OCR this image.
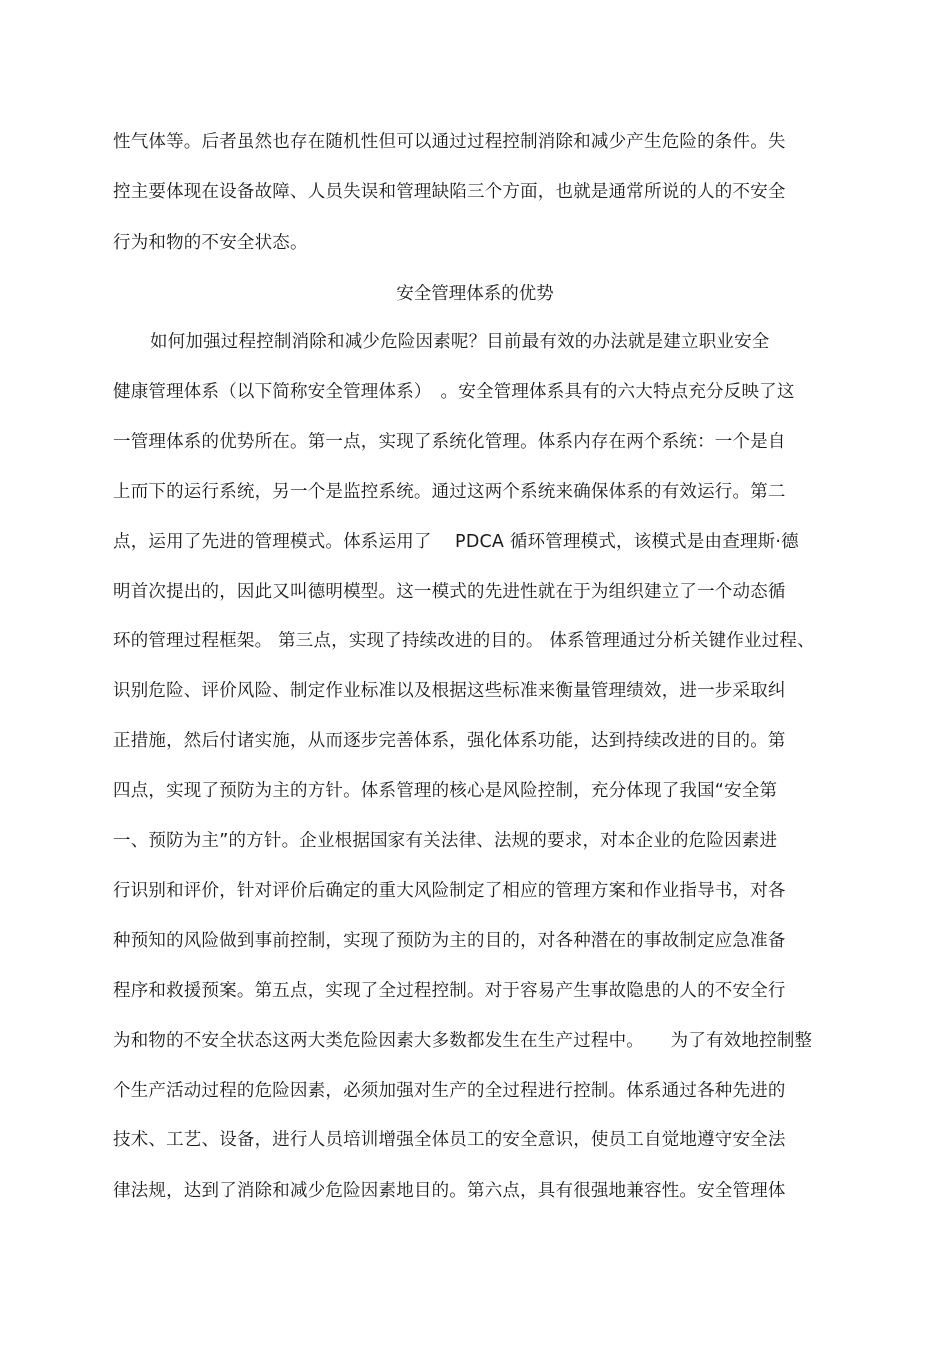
性气体等。后者虽然也存在随机性但可以通过过程控制消除和减少产生危险的条件。失
控主要体现在设备故障、人员失误和管理缺陷三个方面，也就是通常所说的人的不安全
行为和物的不安全状态。
安全管理体系的优势
如何加强过程控制消除和减少危险因素呢？目前最有效的办法就是建立职业安全
健康管理体系（以下简称安全管理体系）　。安全管理体系具有的六大特点充分反映了这
一管理体系的优势所在。第一点，实现了系统化管理。体系内存在两个系统：一个是自
上而下的运行系统，另一个是监控系统。通过这两个系统来确保体系的有效运行。第二
点，运用了先进的管理模式。体系运用了　 PDCA 循环管理模式，该模式是由查理斯·德
明首次提出的，因此又叫德明模型。这一模式的先进性就在于为组织建立了一个动态循
环的管理过程框架。 第三点，实现了持续改进的目的。 体系管理通过分析关键作业过程、
识别危险、评价风险、制定作业标准以及根据这些标准来衡量管理绩效，进一步采取纠
正措施，然后付诸实施，从而逐步完善体系，强化体系功能，达到持续改进的目的。第
四点，实现了预防为主的方针。体系管理的核心是风险控制，充分体现了我国“安全第
一、预防为主”的方针。企业根据国家有关法律、法规的要求，对本企业的危险因素进
行识别和评价，针对评价后确定的重大风险制定了相应的管理方案和作业指导书，对各
种预知的风险做到事前控制，实现了预防为主的目的，对各种潜在的事故制定应急准备
程序和救援预案。第五点，实现了全过程控制。对于容易产生事故隐患的人的不安全行
为和物的不安全状态这两大类危险因素大多数都发生在生产过程中。　　为了有效地控制整
个生产活动过程的危险因素，必须加强对生产的全过程进行控制。体系通过各种先进的
技术、工艺、设备，进行人员培训增强全体员工的安全意识，使员工自觉地遵守安全法
律法规，达到了消除和减少危险因素地目的。第六点，具有很强地兼容性。安全管理体
